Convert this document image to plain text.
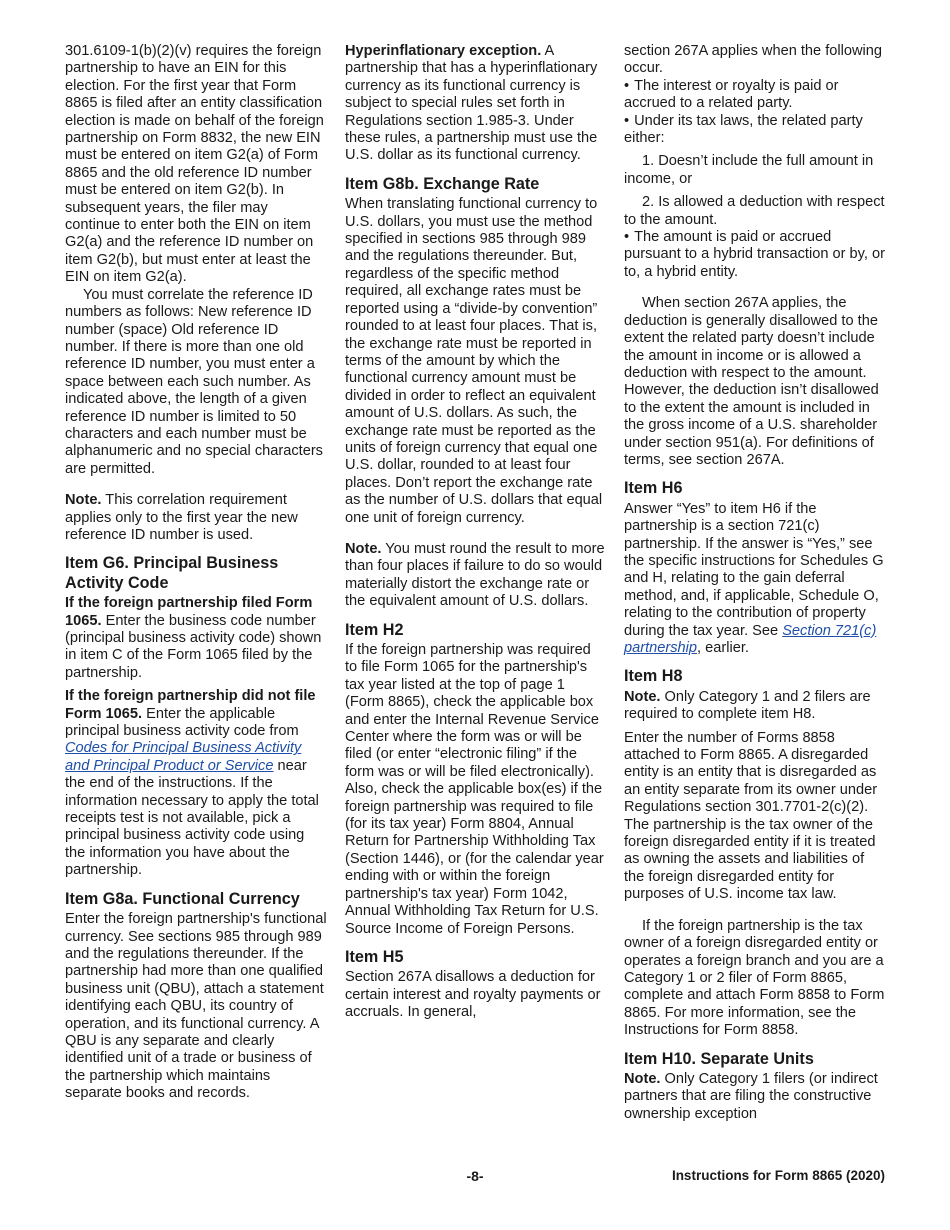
301.6109-1(b)(2)(v) requires the foreign partnership to have an EIN for this election. For the first year that Form 8865 is filed after an entity classification election is made on behalf of the foreign partnership on Form 8832, the new EIN must be entered on item G2(a) of Form 8865 and the old reference ID number must be entered on item G2(b). In subsequent years, the filer may continue to enter both the EIN on item G2(a) and the reference ID number on item G2(b), but must enter at least the EIN on item G2(a).

You must correlate the reference ID numbers as follows: New reference ID number (space) Old reference ID number. If there is more than one old reference ID number, you must enter a space between each such number. As indicated above, the length of a given reference ID number is limited to 50 characters and each number must be alphanumeric and no special characters are permitted.

Note. This correlation requirement applies only to the first year the new reference ID number is used.

Item G6. Principal Business Activity Code

If the foreign partnership filed Form 1065. Enter the business code number (principal business activity code) shown in item C of the Form 1065 filed by the partnership.

If the foreign partnership did not file Form 1065. Enter the applicable principal business activity code from Codes for Principal Business Activity and Principal Product or Service near the end of the instructions. If the information necessary to apply the total receipts test is not available, pick a principal business activity code using the information you have about the partnership.

Item G8a. Functional Currency

Enter the foreign partnership's functional currency. See sections 985 through 989 and the regulations thereunder. If the partnership had more than one qualified business unit (QBU), attach a statement identifying each QBU, its country of operation, and its functional currency. A QBU is any separate and clearly identified unit of a trade or business of the partnership which maintains separate books and records.

Hyperinflationary exception. A partnership that has a hyperinflationary currency as its functional currency is subject to special rules set forth in Regulations section 1.985-3. Under these rules, a partnership must use the U.S. dollar as its functional currency.

Item G8b. Exchange Rate

When translating functional currency to U.S. dollars, you must use the method specified in sections 985 through 989 and the regulations thereunder. But, regardless of the specific method required, all exchange rates must be reported using a “divide-by convention” rounded to at least four places. That is, the exchange rate must be reported in terms of the amount by which the functional currency amount must be divided in order to reflect an equivalent amount of U.S. dollars. As such, the exchange rate must be reported as the units of foreign currency that equal one U.S. dollar, rounded to at least four places. Don’t report the exchange rate as the number of U.S. dollars that equal one unit of foreign currency.

Note. You must round the result to more than four places if failure to do so would materially distort the exchange rate or the equivalent amount of U.S. dollars.

Item H2

If the foreign partnership was required to file Form 1065 for the partnership's tax year listed at the top of page 1 (Form 8865), check the applicable box and enter the Internal Revenue Service Center where the form was or will be filed (or enter “electronic filing” if the form was or will be filed electronically). Also, check the applicable box(es) if the foreign partnership was required to file (for its tax year) Form 8804, Annual Return for Partnership Withholding Tax (Section 1446), or (for the calendar year ending with or within the foreign partnership's tax year) Form 1042, Annual Withholding Tax Return for U.S. Source Income of Foreign Persons.

Item H5

Section 267A disallows a deduction for certain interest and royalty payments or accruals. In general,

section 267A applies when the following occur.

• The interest or royalty is paid or accrued to a related party.

• Under its tax laws, the related party either:

1. Doesn’t include the full amount in income, or

2. Is allowed a deduction with respect to the amount.

• The amount is paid or accrued pursuant to a hybrid transaction or by, or to, a hybrid entity.

When section 267A applies, the deduction is generally disallowed to the extent the related party doesn’t include the amount in income or is allowed a deduction with respect to the amount. However, the deduction isn’t disallowed to the extent the amount is included in the gross income of a U.S. shareholder under section 951(a). For definitions of terms, see section 267A.

Item H6

Answer “Yes” to item H6 if the partnership is a section 721(c) partnership. If the answer is “Yes,” see the specific instructions for Schedules G and H, relating to the gain deferral method, and, if applicable, Schedule O, relating to the contribution of property during the tax year. See Section 721(c) partnership, earlier.

Item H8

Note. Only Category 1 and 2 filers are required to complete item H8.

Enter the number of Forms 8858 attached to Form 8865. A disregarded entity is an entity that is disregarded as an entity separate from its owner under Regulations section 301.7701-2(c)(2). The partnership is the tax owner of the foreign disregarded entity if it is treated as owning the assets and liabilities of the foreign disregarded entity for purposes of U.S. income tax law.

If the foreign partnership is the tax owner of a foreign disregarded entity or operates a foreign branch and you are a Category 1 or 2 filer of Form 8865, complete and attach Form 8858 to Form 8865. For more information, see the Instructions for Form 8858.

Item H10. Separate Units

Note. Only Category 1 filers (or indirect partners that are filing the constructive ownership exception

-8-	Instructions for Form 8865 (2020)
